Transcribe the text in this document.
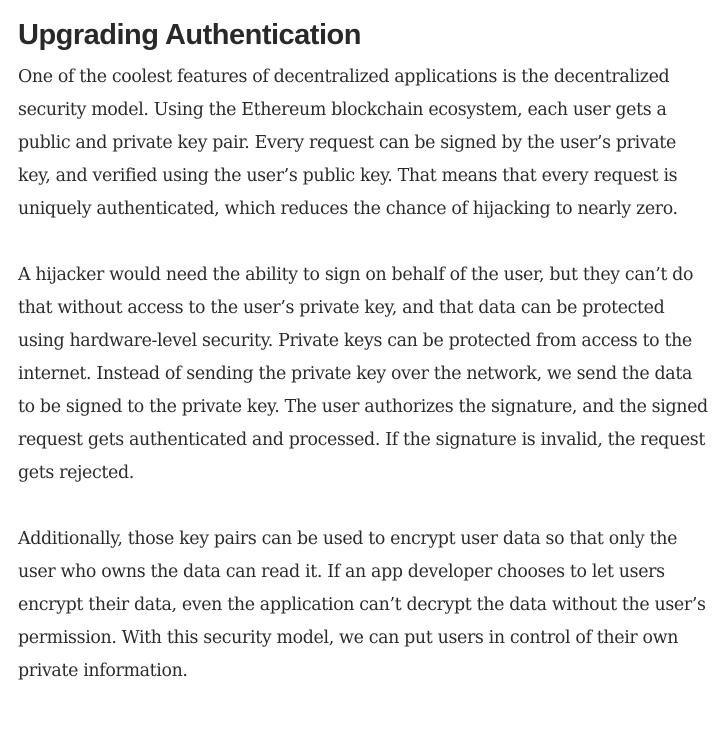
Upgrading Authentication

One of the coolest features of decentralized applications is the decentralized security model. Using the Ethereum blockchain ecosystem, each user gets a public and private key pair. Every request can be signed by the user’s private key, and verified using the user’s public key. That means that every request is uniquely authenticated, which reduces the chance of hijacking to nearly zero.

A hijacker would need the ability to sign on behalf of the user, but they can’t do that without access to the user’s private key, and that data can be protected using hardware-level security. Private keys can be protected from access to the internet. Instead of sending the private key over the network, we send the data to be signed to the private key. The user authorizes the signature, and the signed request gets authenticated and processed. If the signature is invalid, the request gets rejected.

Additionally, those key pairs can be used to encrypt user data so that only the user who owns the data can read it. If an app developer chooses to let users encrypt their data, even the application can’t decrypt the data without the user’s permission. With this security model, we can put users in control of their own private information.
